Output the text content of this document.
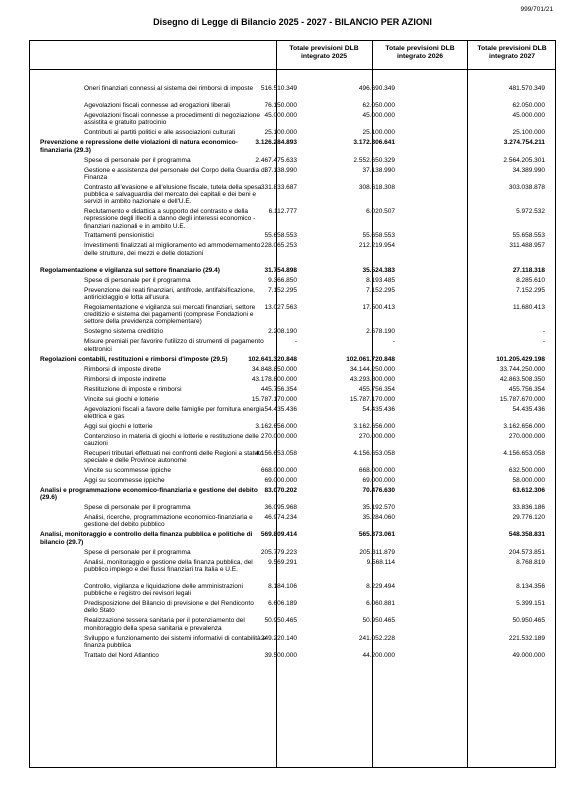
999/701/21
Disegno di Legge di Bilancio 2025 - 2027 - BILANCIO PER AZIONI
Totale previsioni DLB integrato 2025
Totale previsioni DLB integrato 2026
Totale previsioni DLB integrato 2027
Oneri finanziari connessi al sistema dei rimborsi di imposte	516.510.349	496.690.349	481.570.349
Agevolazioni fiscali connesse ad erogazioni liberali	76.150.000	62.050.000	62.050.000
Agevolazioni fiscali connesse a procedimenti di negoziazione assistita e gratuito patrocinio
45.000.000	45.000.000	45.000.000
Contributi ai partiti politici e alle associazioni culturali	25.100.000	25.100.000	25.100.000
Prevenzione e repressione delle violazioni di natura economico-finanziaria (29.3)
3.126.284.893	3.172.306.641	3.274.754.211
Spese di personale per il programma	2.467.475.633	2.552.650.329	2.564.205.301
Gestione e assistenza del personale del Corpo della Guardia di Finanza
37.138.990	37.138.990	34.389.990
Contrasto all'evasione e all'elusione fiscale, tutela della spesa pubblica e salvaguardia del mercato dei capitali e dei beni e servizi in ambito nazionale e dell'U.E.
331.833.687	308.618.308	303.038.878
Reclutamento e didattica a supporto del contrasto e della repressione degli illeciti a danno degli interessi economico - finanziari nazionali e in ambito U.E.
6.112.777	6.020.507	5.972.532
Trattamenti pensionistici	55.658.553	55.658.553	55.658.553
Investimenti finalizzati al miglioramento ed ammodernamento delle strutture, dei mezzi e delle dotazioni
228.065.253	212.219.954	311.488.957
Regolamentazione e vigilanza sul settore finanziario (29.4)	31.754.898	35.524.383	27.118.318
Spese di personale per il programma	9.366.850	8.193.485	8.285.610
Prevenzione dei reati finanziari, antifrode, antifalsificazione, antiriciclaggio e lotta all'usura
7.152.295	7.152.295	7.152.295
Regolamentazione e vigilanza sui mercati finanziari, settore creditizio e sistema dei pagamenti (comprese Fondazioni e settore della previdenza complementare)
13.027.563	17.500.413	11.680.413
Sostegno sistema creditizio	2.208.190	2.678.190	-
Misure premiali per favorire l'utilizzo di strumenti di pagamento elettronici
-	-	-
Regolazioni contabili, restituzioni e rimborsi d'imposte (29.5)	102.641.320.848	102.061.720.848	101.205.429.198
Rimborsi di imposte dirette	34.848.850.000	34.144.250.000	33.744.250.000
Rimborsi di imposte indirette	43.178.800.000	43.293.800.000	42.863.508.350
Restituzione di imposte e rimborsi	445.756.354	455.756.354	455.756.354
Vincite sui giochi e lotterie	15.787.170.000	15.787.170.000	15.787.670.000
Agevolazioni fiscali a favore delle famiglie per fornitura energia elettrica e gas
54.435.436	54.435.436	54.435.436
Aggi sui giochi e lotterie	3.162.656.000	3.162.656.000	3.162.656.000
Contenzioso in materia di giochi e lotterie e restituzione delle cauzioni
270.000.000	270.000.000	270.000.000
Recuperi tributari effettuati nei confronti delle Regioni a statuto speciale e delle Province autonome
4.156.653.058	4.156.653.058	4.156.653.058
Vincite su scommesse ippiche	668.000.000	668.000.000	632.500.000
Aggi su scommesse ippiche	69.000.000	69.000.000	58.000.000
Analisi e programmazione economico-finanziaria e gestione del debito (29.6)
83.070.202	70.476.630	63.612.306
Spese di personale per il programma	36.095.968	35.192.570	33.836.186
Analisi, ricerche, programmazione economico-finanziaria e gestione del debito pubblico
46.974.234	35.284.060	29.776.120
Analisi, monitoraggio e controllo della finanza pubblica e politiche di bilancio (29.7)
569.809.414	565.373.061	548.358.831
Spese di personale per il programma	205.779.223	205.311.879	204.573.851
Analisi, monitoraggio e gestione della finanza pubblica, del pubblico impiego e dei flussi finanziari tra Italia e U.E.
9.569.291	9.568.114	8.768.819
Controllo, vigilanza e liquidazione delle amministrazioni pubbliche e registro dei revisori legali
8.184.106	8.229.494	8.134.356
Predisposizione del Bilancio di previsione e del Rendiconto dello Stato
6.606.189	6.060.881	5.399.151
Realizzazione tessera sanitaria per il potenziamento del monitoraggio della spesa sanitaria e prevalenza
50.950.465	50.950.465	50.950.465
Sviluppo e funzionamento dei sistemi informativi di contabilità e finanza pubblica
249.220.140	241.052.228	221.532.189
Trattato del Nord Atlantico	39.500.000	44.200.000	49.000.000
